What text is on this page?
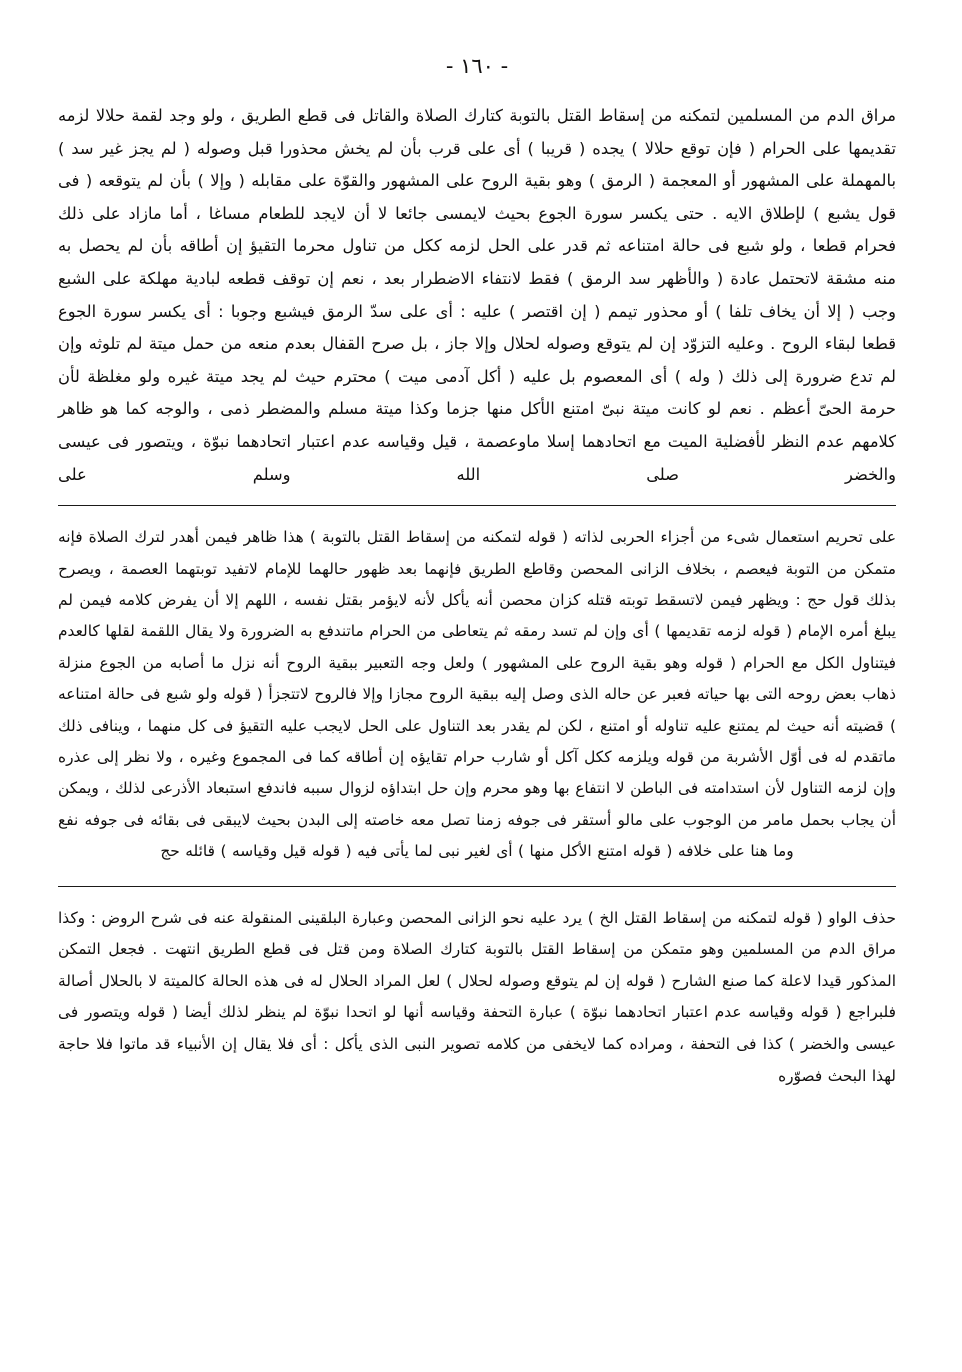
- ١٦٠ -

مراق الدم من المسلمين لتمكنه من إسقاط القتل بالتوبة كتارك الصلاة والقاتل فى قطع الطريق ، ولو وجد لقمة حلالا لزمه تقديمها على الحرام ( فإن توقع حلالا ) يجده ( قريبا ) أى على قرب بأن لم يخش محذورا قبل وصوله ( لم يجز غير سد ) بالمهملة على المشهور أو المعجمة ( الرمق ) وهو بقية الروح على المشهور والقوّة على مقابله ( وإلا ) بأن لم يتوقعه ( فى قول يشبع ) لإطلاق الايه . حتى يكسر سورة الجوع بحيث لايمسى جائعا لا أن لايجد للطعام مساغا ، أما مازاد على ذلك فحرام قطعا ، ولو شبع فى حالة امتناعه ثم قدر على الحل لزمه ككل من تناول محرما التقيؤ إن أطاقه بأن لم يحصل به منه مشقة لاتحتمل عادة ( والأظهر سد الرمق ) فقط لانتفاء الاضطرار بعد ، نعم إن توقف قطعه لبادية مهلكة على الشبع وجب ( إلا أن يخاف تلفا ) أو محذور تيمم ( إن اقتصر ) عليه : أى على سدّ الرمق فيشبع وجوبا : أى يكسر سورة الجوع قطعا لبقاء الروح . وعليه التزوّد إن لم يتوقع وصوله لحلال وإلا جاز ، بل صرح القفال بعدم منعه من حمل ميتة لم تلوثه وإن لم تدع ضرورة إلى ذلك ( وله ) أى المعصوم بل عليه ( أكل آدمى ميت ) محترم حيث لم يجد ميتة غيره ولو مغلظة لأن حرمة الحىّ أعظم . نعم لو كانت ميتة نبىّ امتنع الأكل منها جزما وكذا ميتة مسلم والمضطر ذمى ، والوجه كما هو ظاهر كلامهم عدم النظر لأفضلية الميت مع اتحادهما إسلا ماوعصمة ، قيل وقياسه عدم اعتبار اتحادهما نبوّة ، ويتصور فى عيسى والخضر صلى الله وسلم على

على تحريم استعمال شىء من أجزاء الحربى لذاته ( قوله لتمكنه من إسقاط القتل بالتوبة ) هذا ظاهر فيمن أهدر لترك الصلاة فإنه متمكن من التوبة فيعصم ، بخلاف الزانى المحصن وقاطع الطريق فإنهما بعد ظهور حالهما للإمام لاتفيد توبتهما العصمة ، ويصرح بذلك قول حج : ويظهر فيمن لاتسقط توبته قتله كزان محصن أنه يأكل لأنه لايؤمر بقتل نفسه ، اللهم إلا أن يفرض كلامه فيمن لم يبلغ أمره الإمام ( قوله لزمه تقديمها ) أى وإن لم تسد رمقه ثم يتعاطى من الحرام ماتندفع به الضرورة ولا يقال اللقمة لقلها كالعدم فيتناول الكل مع الحرام ( قوله وهو بقية الروح على المشهور ) ولعل وجه التعبير ببقية الروح أنه نزل ما أصابه من الجوع منزلة ذهاب بعض روحه التى بها حياته فعبر عن حاله الذى وصل إليه ببقية الروح مجازا وإلا فالروح لاتتجزأ ( قوله ولو شبع فى حالة امتناعه ) قضيته أنه حيث لم يمتنع عليه تناوله أو امتنع ، لكن لم يقدر بعد التناول على الحل لايجب عليه التقيؤ فى كل منهما ، وينافى ذلك ماتقدم له فى أوّل الأشربة من قوله ويلزمه ككل آكل أو شارب حرام تقايؤه إن أطاقه كما فى المجموع وغيره ، ولا نظر إلى عذره وإن لزمه التناول لأن استدامته فى الباطن لا انتفاع بها وهو محرم وإن حل ابتداؤه لزوال سببه فاندفع استبعاد الأذرعى لذلك ، ويمكن أن يجاب بحمل مامر من الوجوب على مالو أستقر فى جوفه زمنا تصل معه خاصته إلى البدن بحيث لايبقى فى بقائه فى جوفه نفع وما هنا على خلافه ( قوله امتنع الأكل منها ) أى لغير نبى لما يأتى فيه ( قوله قيل وقياسه ) قائله حج

حذف الواو ( قوله لتمكنه من إسقاط القتل الخ ) يرد عليه نحو الزانى المحصن وعبارة البلقينى المنقولة عنه فى شرح الروض : وكذا مراق الدم من المسلمين وهو متمكن من إسقاط القتل بالتوبة كتارك الصلاة ومن قتل فى قطع الطريق انتهت . فجعل التمكن المذكور قيدا لاعلة كما صنع الشارح ( قوله إن لم يتوقع وصوله لحلال ) لعل المراد الحلال له فى هذه الحالة كالميتة لا بالحلال أصالة فلبراجع ( قوله وقياسه عدم اعتبار اتحادهما نبوّة ) عبارة التحفة وقياسه أنها لو اتحدا نبوّة لم ينظر لذلك أيضا ( قوله ويتصور فى عيسى والخضر ) كذا فى التحفة ، ومراده كما لايخفى من كلامه تصوير النبى الذى يأكل : أى فلا يقال إن الأنبياء قد ماتوا فلا حاجة لهذا البحث فصوّره
